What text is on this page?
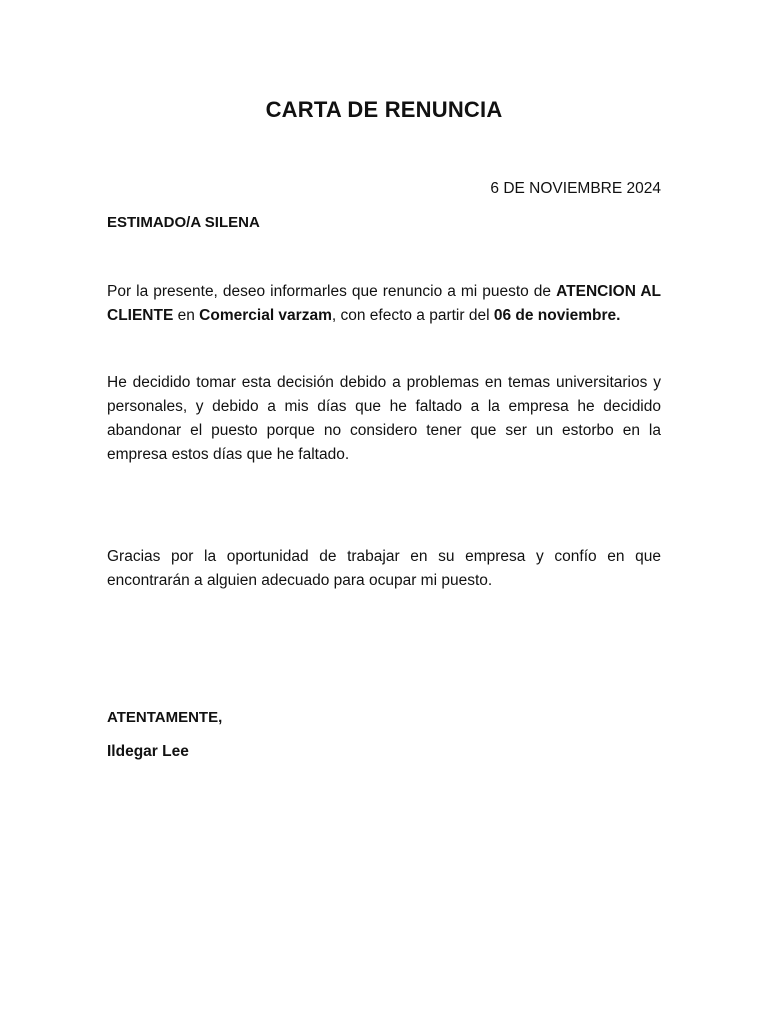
CARTA DE RENUNCIA
6 DE NOVIEMBRE 2024
ESTIMADO/A SILENA
Por la presente, deseo informarles que renuncio a mi puesto de ATENCION AL CLIENTE en Comercial varzam, con efecto a partir del 06 de noviembre.
He decidido tomar esta decisión debido a problemas en temas universitarios y personales, y debido a mis días que he faltado a la empresa he decidido abandonar el puesto porque no considero tener que ser un estorbo en la empresa estos días que he faltado.
Gracias por la oportunidad de trabajar en su empresa y confío en que encontrarán a alguien adecuado para ocupar mi puesto.
ATENTAMENTE,
Ildegar Lee
